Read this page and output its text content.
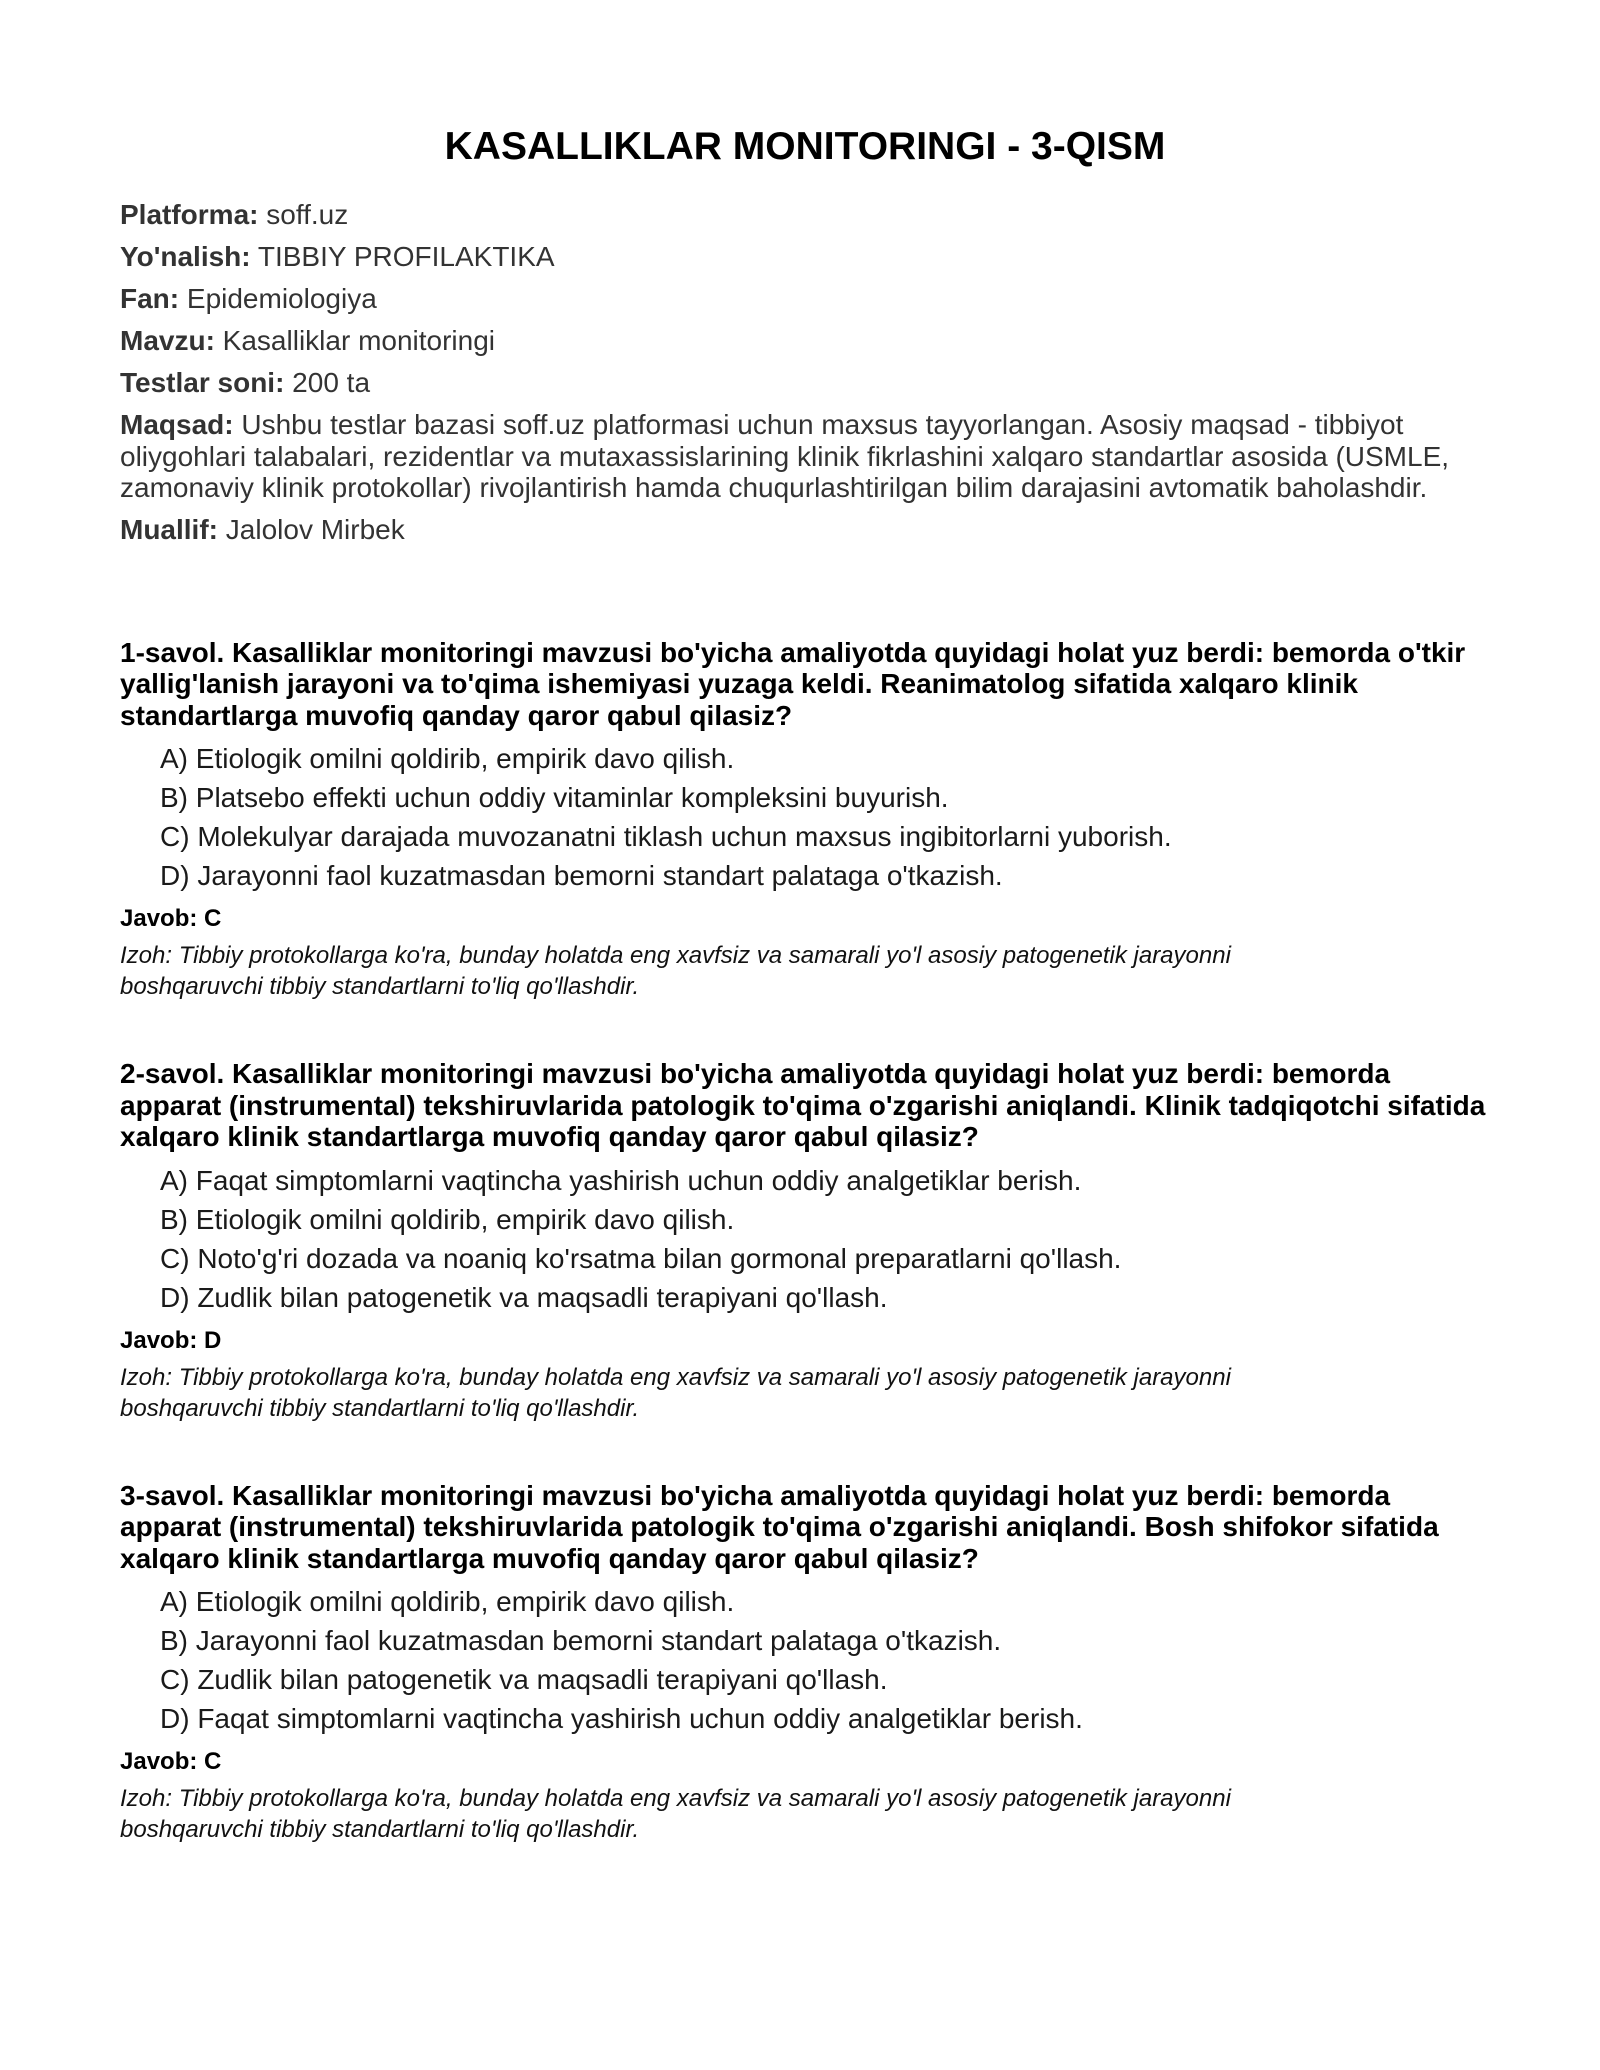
KASALLIKLAR MONITORINGI - 3-QISM
Platforma: soff.uz
Yo'nalish: TIBBIY PROFILAKTIKA
Fan: Epidemiologiya
Mavzu: Kasalliklar monitoringi
Testlar soni: 200 ta
Maqsad: Ushbu testlar bazasi soff.uz platformasi uchun maxsus tayyorlangan. Asosiy maqsad - tibbiyot oliygohlari talabalari, rezidentlar va mutaxassislarining klinik fikrlashini xalqaro standartlar asosida (USMLE, zamonaviy klinik protokollar) rivojlantirish hamda chuqurlashtirilgan bilim darajasini avtomatik baholashdir.
Muallif: Jalolov Mirbek
1-savol. Kasalliklar monitoringi mavzusi bo'yicha amaliyotda quyidagi holat yuz berdi: bemorda o'tkir yallig'lanish jarayoni va to'qima ishemiyasi yuzaga keldi. Reanimatolog sifatida xalqaro klinik standartlarga muvofiq qanday qaror qabul qilasiz?
A) Etiologik omilni qoldirib, empirik davo qilish.
B) Platsebo effekti uchun oddiy vitaminlar kompleksini buyurish.
C) Molekulyar darajada muvozanatni tiklash uchun maxsus ingibitorlarni yuborish.
D) Jarayonni faol kuzatmasdan bemorni standart palataga o'tkazish.
Javob: C
Izoh: Tibbiy protokollarga ko'ra, bunday holatda eng xavfsiz va samarali yo'l asosiy patogenetik jarayonni boshqaruvchi tibbiy standartlarni to'liq qo'llashdir.
2-savol. Kasalliklar monitoringi mavzusi bo'yicha amaliyotda quyidagi holat yuz berdi: bemorda apparat (instrumental) tekshiruvlarida patologik to'qima o'zgarishi aniqlandi. Klinik tadqiqotchi sifatida xalqaro klinik standartlarga muvofiq qanday qaror qabul qilasiz?
A) Faqat simptomlarni vaqtincha yashirish uchun oddiy analgetiklar berish.
B) Etiologik omilni qoldirib, empirik davo qilish.
C) Noto'g'ri dozada va noaniq ko'rsatma bilan gormonal preparatlarni qo'llash.
D) Zudlik bilan patogenetik va maqsadli terapiyani qo'llash.
Javob: D
Izoh: Tibbiy protokollarga ko'ra, bunday holatda eng xavfsiz va samarali yo'l asosiy patogenetik jarayonni boshqaruvchi tibbiy standartlarni to'liq qo'llashdir.
3-savol. Kasalliklar monitoringi mavzusi bo'yicha amaliyotda quyidagi holat yuz berdi: bemorda apparat (instrumental) tekshiruvlarida patologik to'qima o'zgarishi aniqlandi. Bosh shifokor sifatida xalqaro klinik standartlarga muvofiq qanday qaror qabul qilasiz?
A) Etiologik omilni qoldirib, empirik davo qilish.
B) Jarayonni faol kuzatmasdan bemorni standart palataga o'tkazish.
C) Zudlik bilan patogenetik va maqsadli terapiyani qo'llash.
D) Faqat simptomlarni vaqtincha yashirish uchun oddiy analgetiklar berish.
Javob: C
Izoh: Tibbiy protokollarga ko'ra, bunday holatda eng xavfsiz va samarali yo'l asosiy patogenetik jarayonni boshqaruvchi tibbiy standartlarni to'liq qo'llashdir.
